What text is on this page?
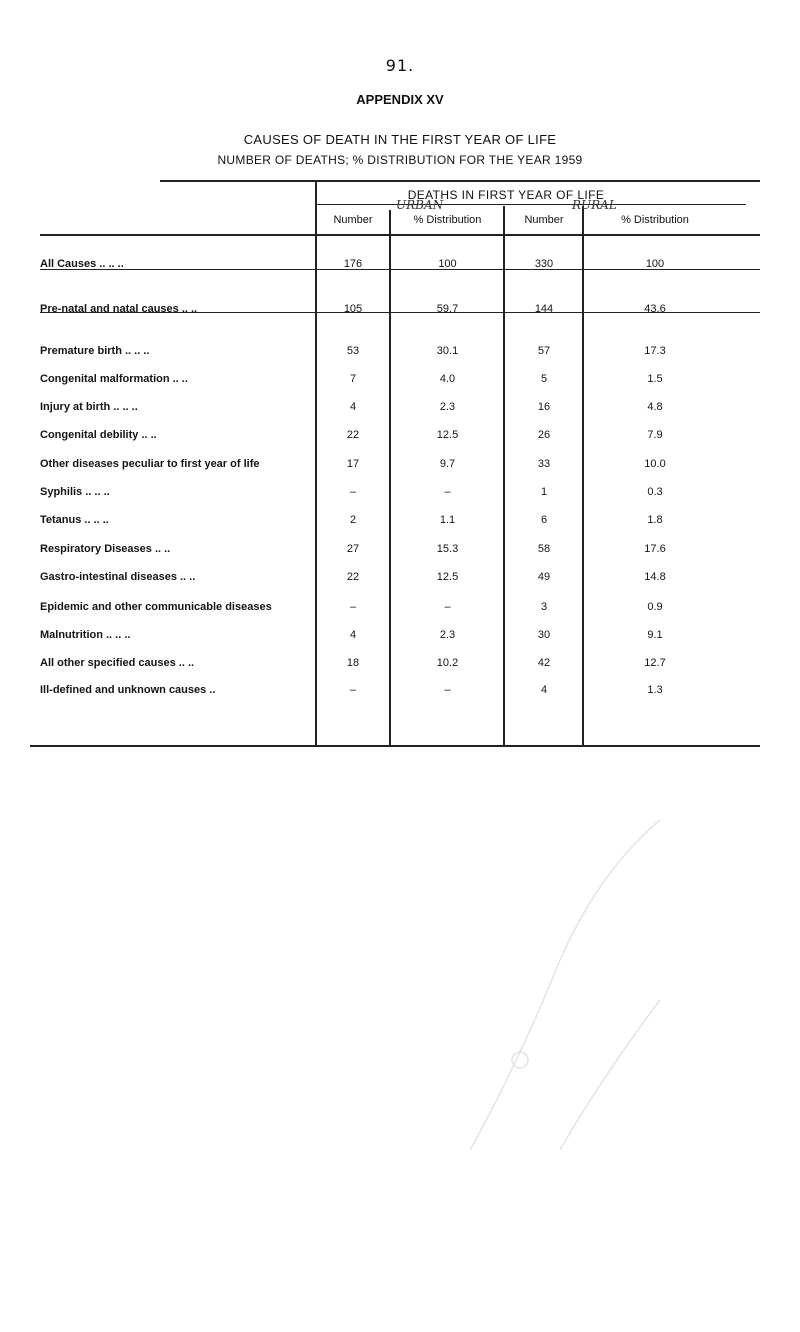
91.
APPENDIX XV
CAUSES OF DEATH IN THE FIRST YEAR OF LIFE
NUMBER OF DEATHS; % DISTRIBUTION FOR THE YEAR 1959
DEATHS IN FIRST YEAR OF LIFE
URBAN	RURAL
Number	% Distribution	Number	% Distribution
All Causes .. .. ..	176	100	330	100
Pre-natal and natal causes .. ..	105	59.7	144	43.6
Premature birth .. .. ..	53	30.1	57	17.3
Congenital malformation .. ..	7	4.0	5	1.5
Injury at birth .. .. ..	4	2.3	16	4.8
Congenital debility .. ..	22	12.5	26	7.9
Other diseases peculiar to first year of life	17	9.7	33	10.0
Syphilis .. .. ..	–	–	1	0.3
Tetanus .. .. ..	2	1.1	6	1.8
Respiratory Diseases .. ..	27	15.3	58	17.6
Gastro-intestinal diseases .. ..	22	12.5	49	14.8
Epidemic and other communicable diseases	–	–	3	0.9
Malnutrition .. .. ..	4	2.3	30	9.1
All other specified causes .. ..	18	10.2	42	12.7
Ill-defined and unknown causes ..	–	–	4	1.3
